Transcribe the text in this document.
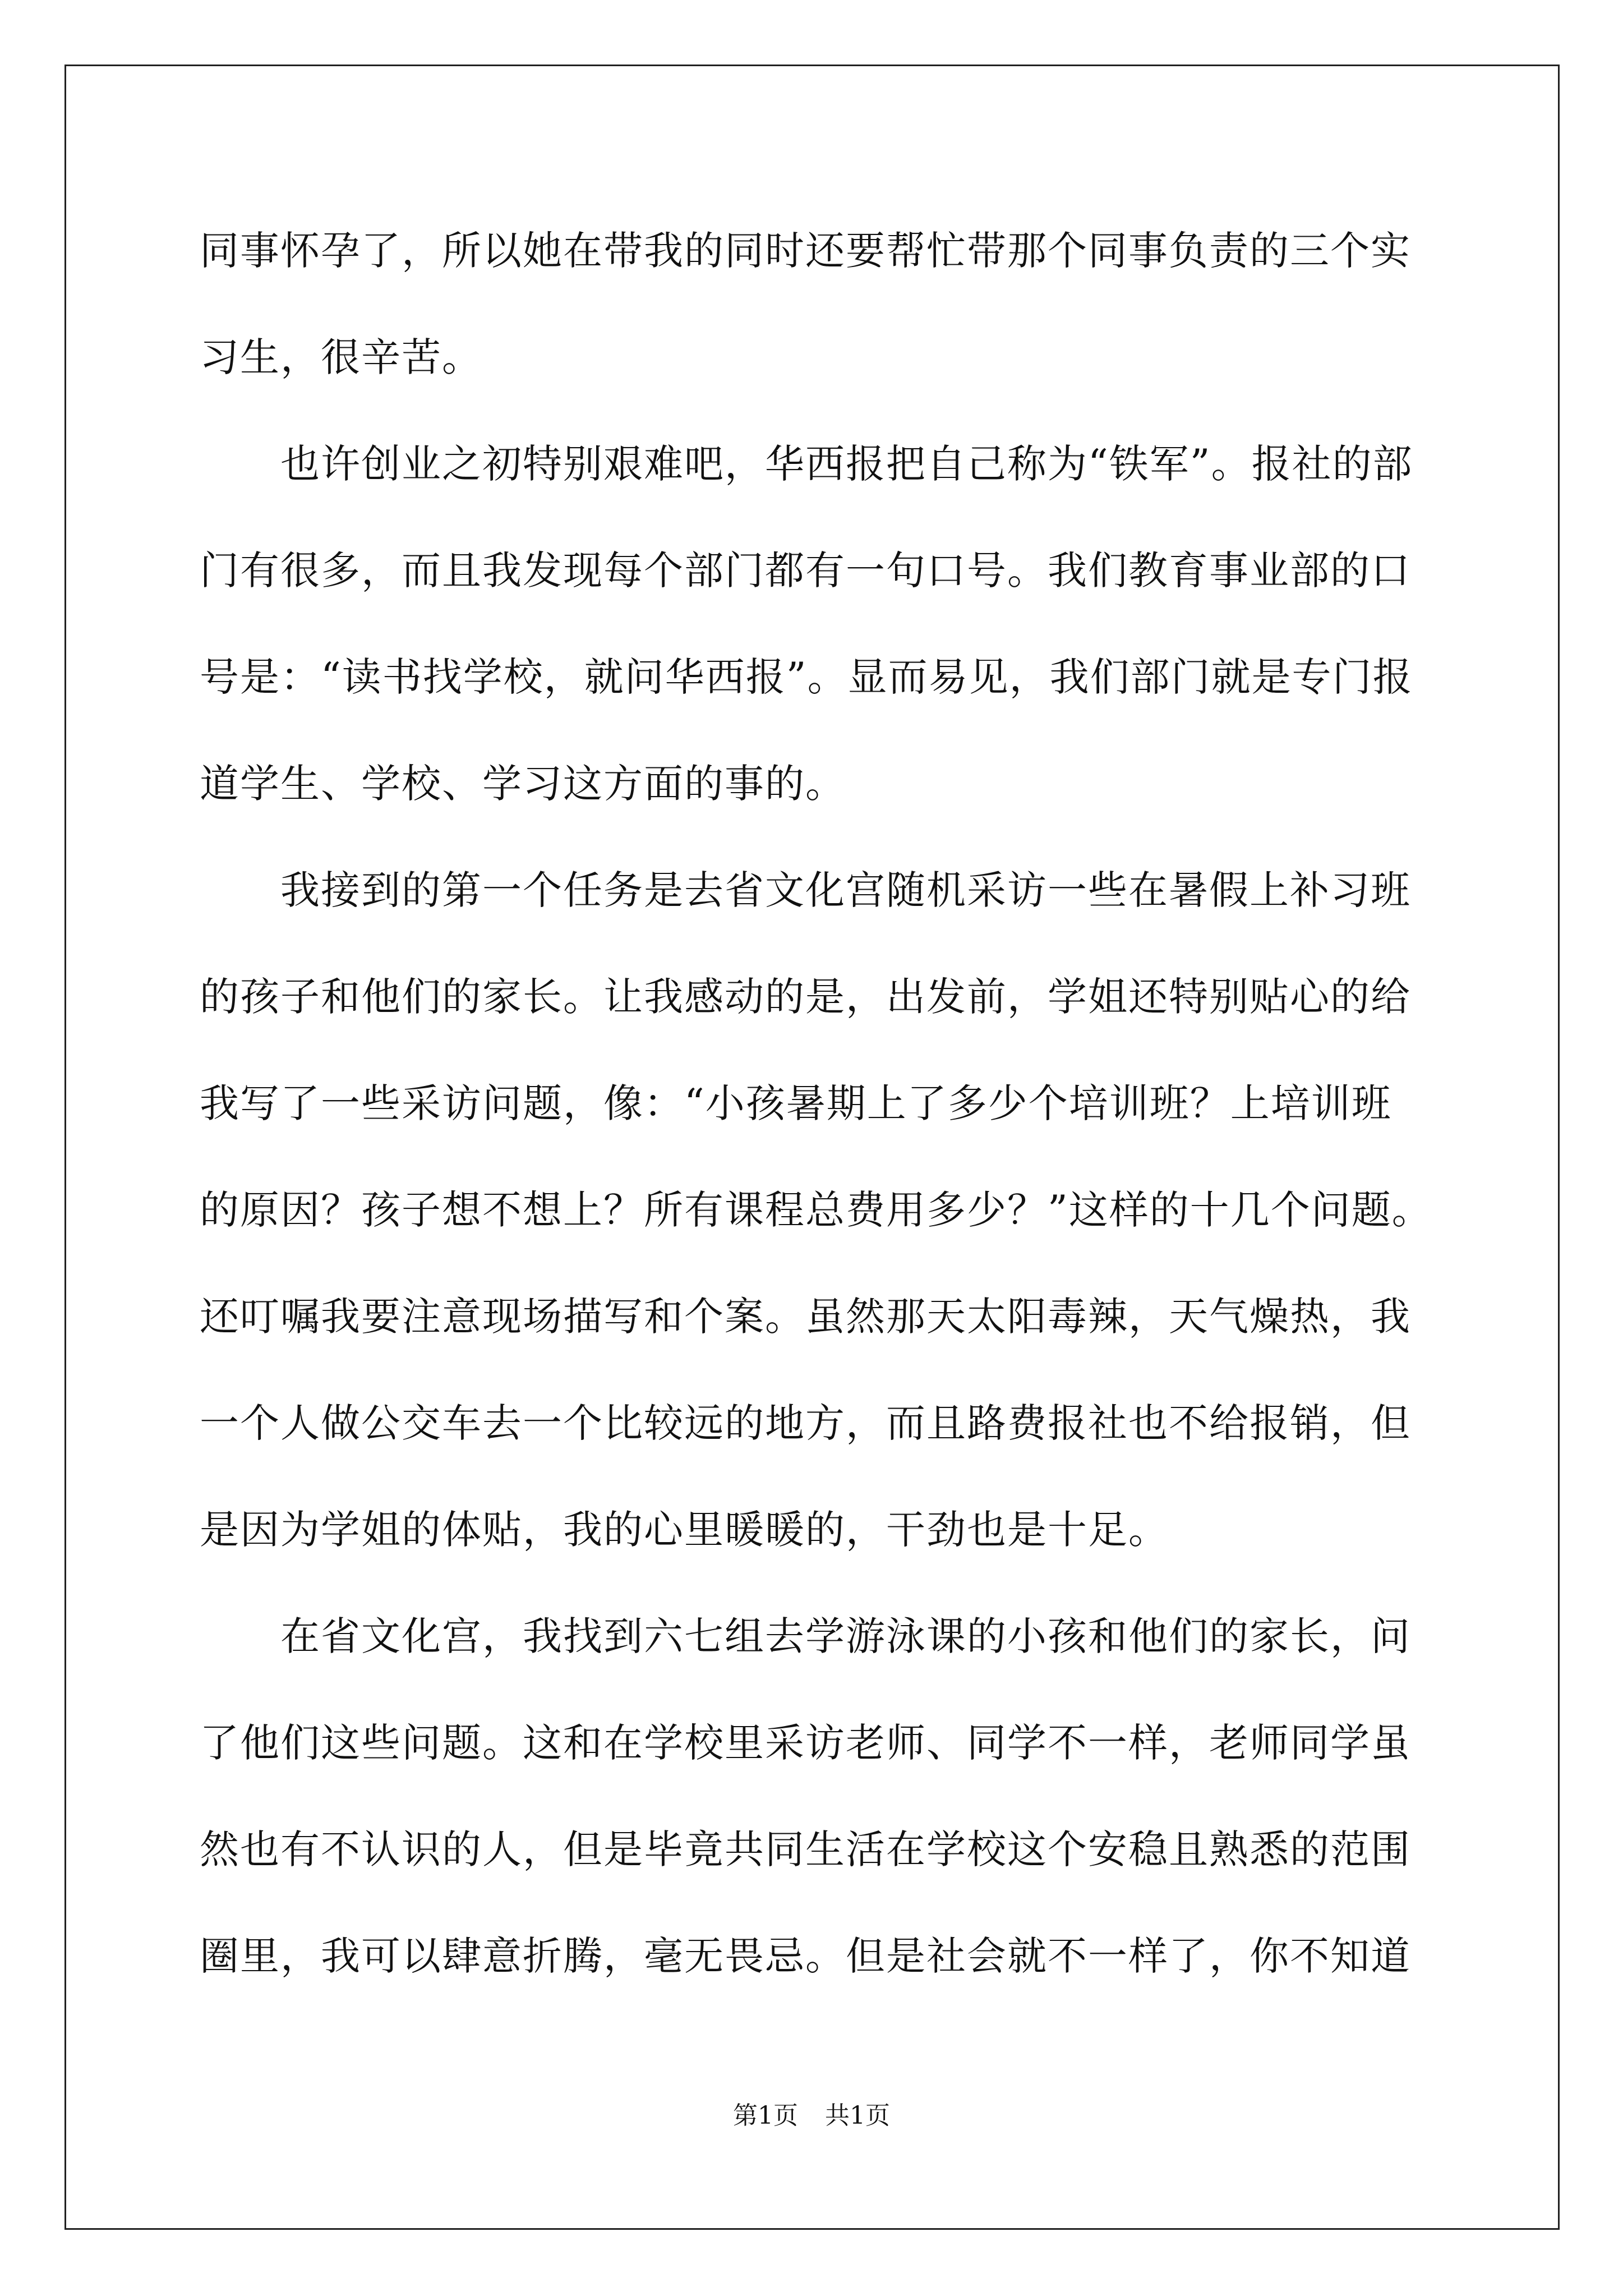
同事怀孕了，所以她在带我的同时还要帮忙带那个同事负责的三个实
习生，很辛苦。
　　也许创业之初特别艰难吧，华西报把自己称为“铁军”。报社的部
门有很多，而且我发现每个部门都有一句口号。我们教育事业部的口
号是：“读书找学校，就问华西报”。显而易见，我们部门就是专门报
道学生、学校、学习这方面的事的。
　　我接到的第一个任务是去省文化宫随机采访一些在暑假上补习班
的孩子和他们的家长。让我感动的是，出发前，学姐还特别贴心的给
我写了一些采访问题，像：“小孩暑期上了多少个培训班？上培训班
的原因？孩子想不想上？所有课程总费用多少？”这样的十几个问题。
还叮嘱我要注意现场描写和个案。虽然那天太阳毒辣，天气燥热，我
一个人做公交车去一个比较远的地方，而且路费报社也不给报销，但
是因为学姐的体贴，我的心里暖暖的，干劲也是十足。
　　在省文化宫，我找到六七组去学游泳课的小孩和他们的家长，问
了他们这些问题。这和在学校里采访老师、同学不一样，老师同学虽
然也有不认识的人，但是毕竟共同生活在学校这个安稳且熟悉的范围
圈里，我可以肆意折腾，毫无畏忌。但是社会就不一样了，你不知道
第1页 共1页
